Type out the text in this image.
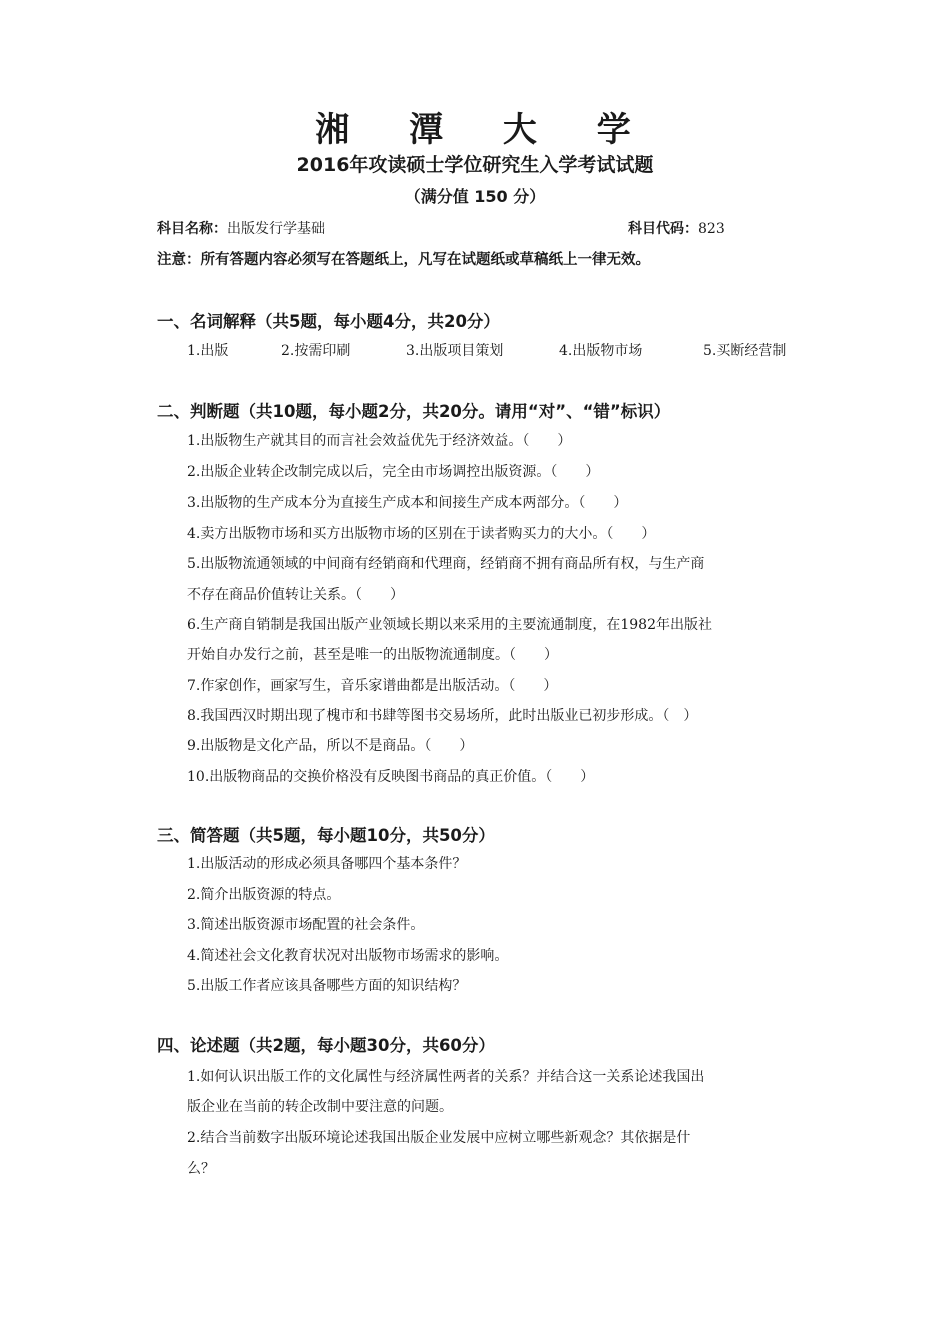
湘 潭 大 学
2016年攻读硕士学位研究生入学考试试题
（满分值 150 分）
科目名称：出版发行学基础	科目代码：823
注意：所有答题内容必须写在答题纸上，凡写在试题纸或草稿纸上一律无效。
一、名词解释（共5题，每小题4分，共20分）
1.出版	2.按需印刷	3.出版项目策划	4.出版物市场	5.买断经营制
二、判断题（共10题，每小题2分，共20分。请用“对”、“错”标识）
1.出版物生产就其目的而言社会效益优先于经济效益。（　　）
2.出版企业转企改制完成以后，完全由市场调控出版资源。（　　）
3.出版物的生产成本分为直接生产成本和间接生产成本两部分。（　　）
4.卖方出版物市场和买方出版物市场的区别在于读者购买力的大小。（　　）
5.出版物流通领域的中间商有经销商和代理商，经销商不拥有商品所有权，与生产商
不存在商品价值转让关系。（　　）
6.生产商自销制是我国出版产业领域长期以来采用的主要流通制度，在1982年出版社
开始自办发行之前，甚至是唯一的出版物流通制度。（　　）
7.作家创作，画家写生，音乐家谱曲都是出版活动。（　　）
8.我国西汉时期出现了槐市和书肆等图书交易场所，此时出版业已初步形成。（　）
9.出版物是文化产品，所以不是商品。（　　）
10.出版物商品的交换价格没有反映图书商品的真正价值。（　　）
三、简答题（共5题，每小题10分，共50分）
1.出版活动的形成必须具备哪四个基本条件？
2.简介出版资源的特点。
3.简述出版资源市场配置的社会条件。
4.简述社会文化教育状况对出版物市场需求的影响。
5.出版工作者应该具备哪些方面的知识结构？
四、论述题（共2题，每小题30分，共60分）
1.如何认识出版工作的文化属性与经济属性两者的关系？并结合这一关系论述我国出
版企业在当前的转企改制中要注意的问题。
2.结合当前数字出版环境论述我国出版企业发展中应树立哪些新观念？其依据是什
么？
